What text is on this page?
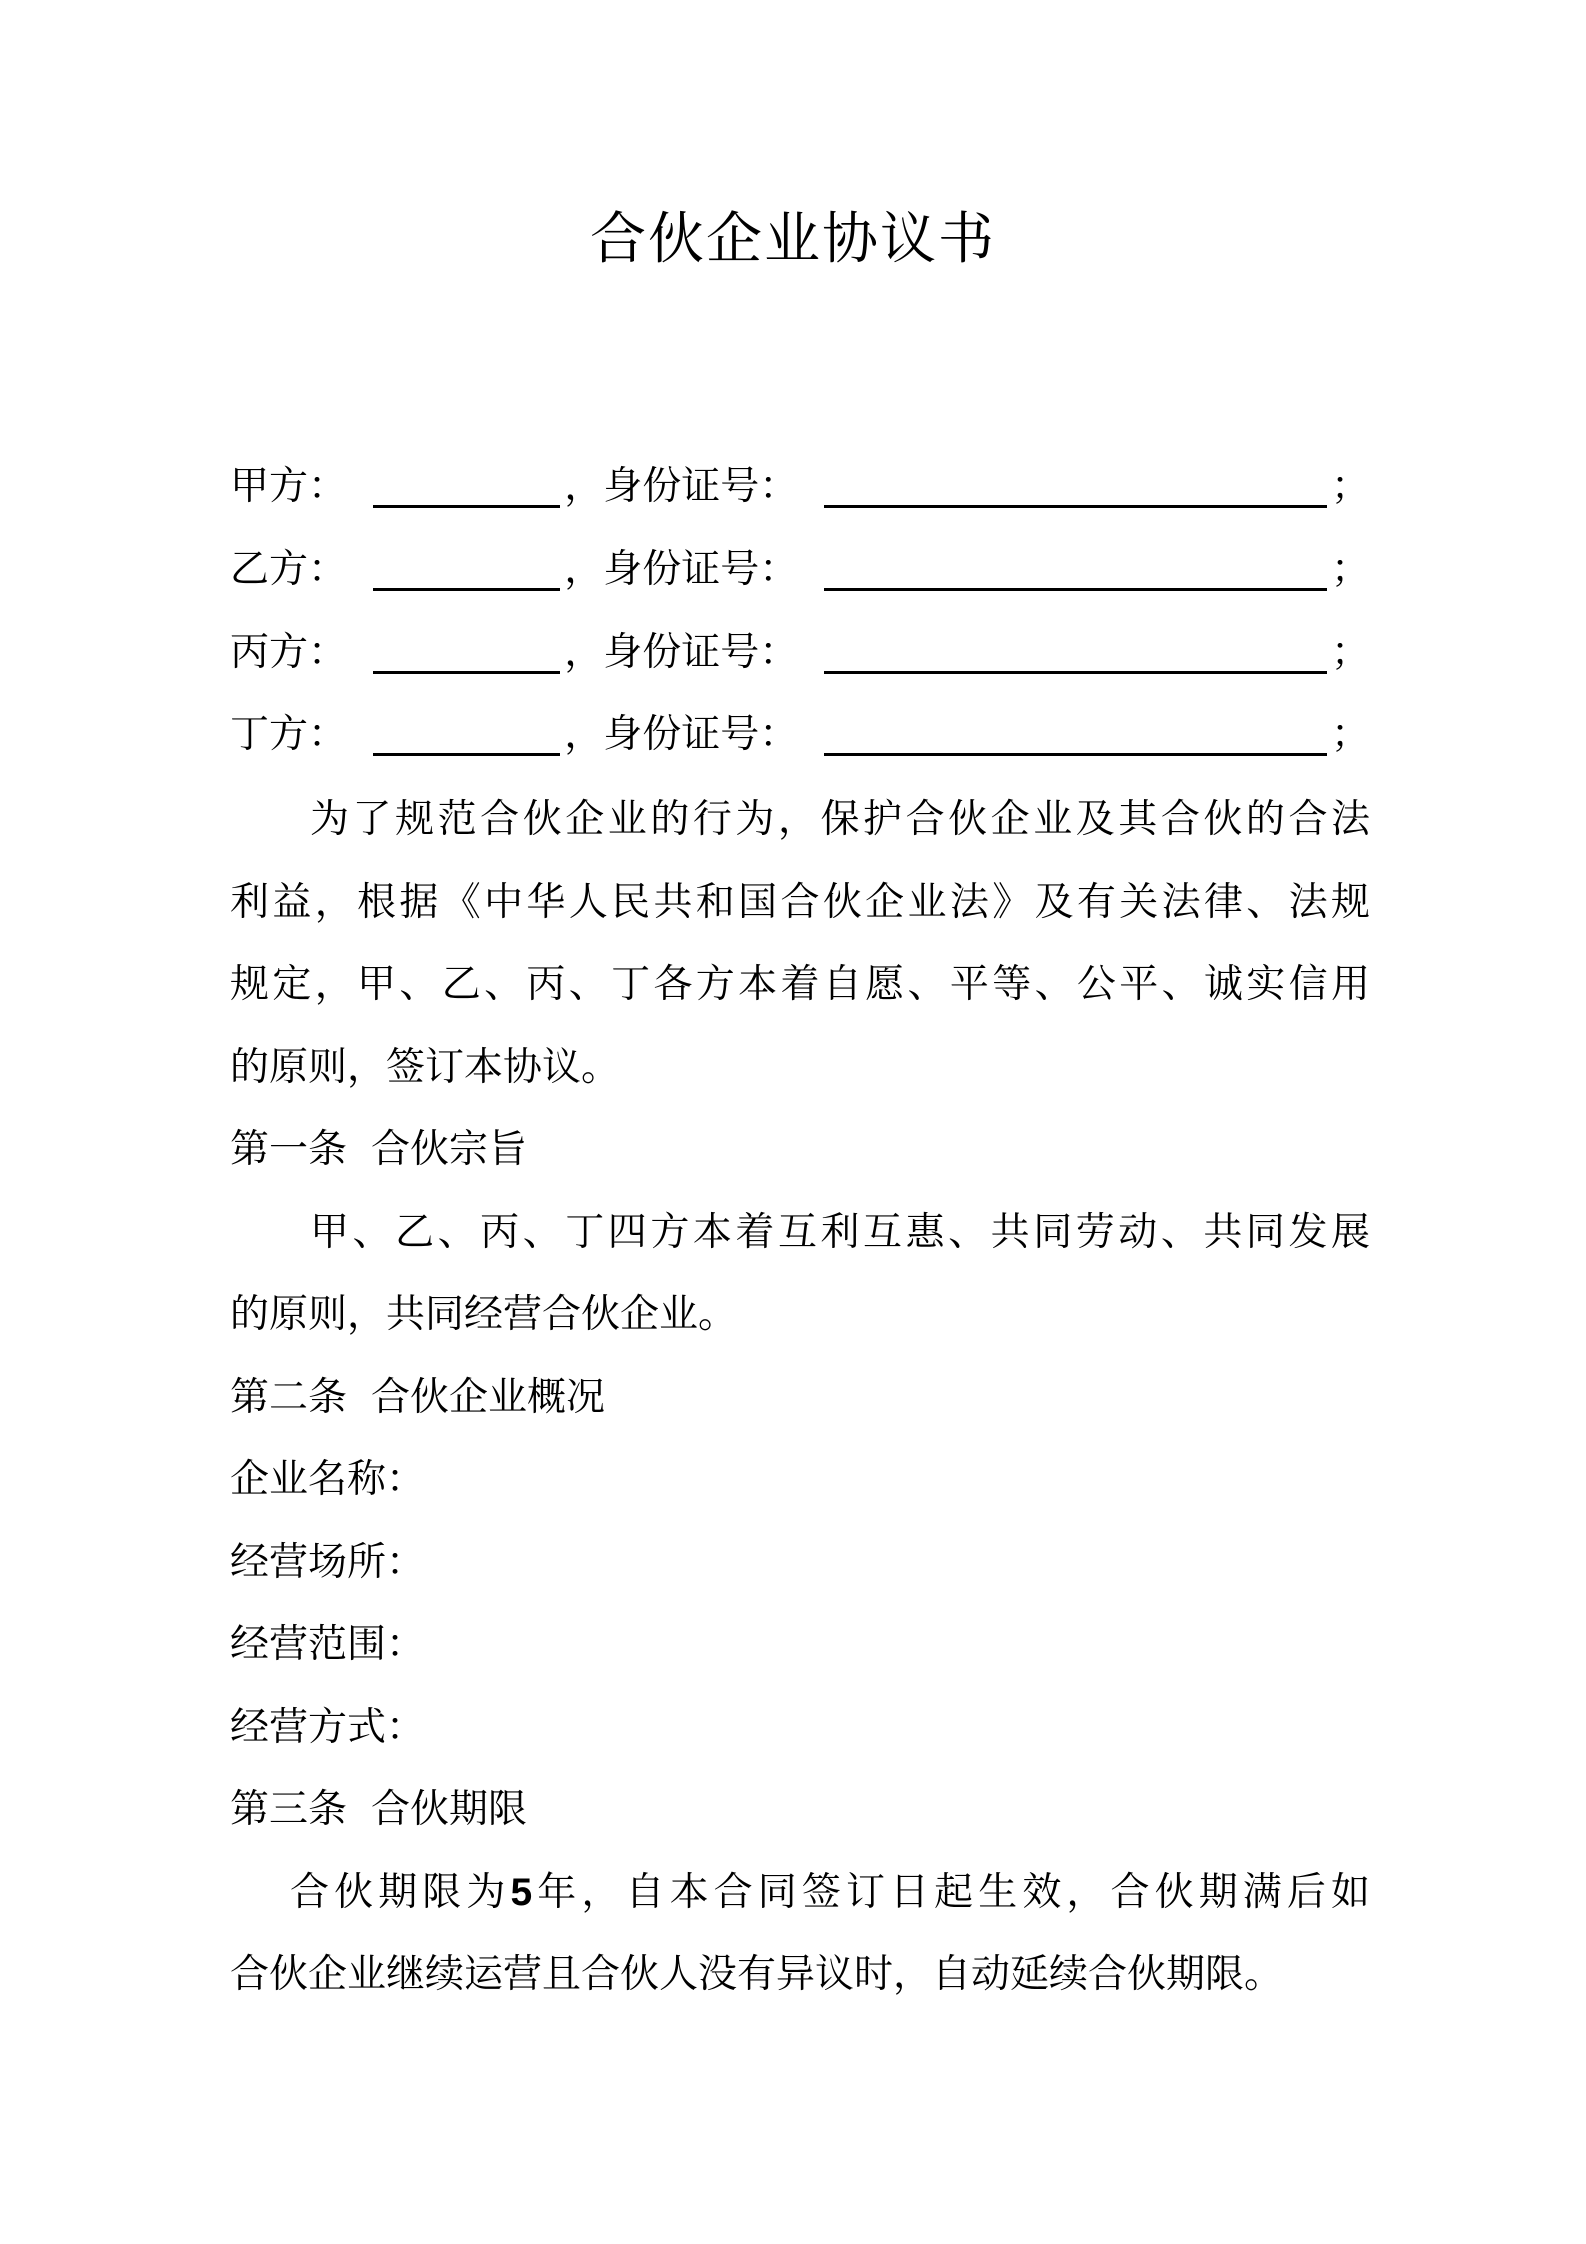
合伙企业协议书
甲方：	， 身份证号：	；
乙方：	， 身份证号：	；
丙方：	， 身份证号：	；
丁方：	， 身份证号：	；
为了规范合伙企业的行为，保护合伙企业及其合伙的合法
利益，根据《中华人民共和国合伙企业法》及有关法律、法规
规定，甲、乙、丙、丁各方本着自愿、平等、公平、诚实信用
的原则，签订本协议。
第一条 合伙宗旨
甲、乙、丙、丁四方本着互利互惠、共同劳动、共同发展
的原则，共同经营合伙企业。
第二条 合伙企业概况
企业名称：
经营场所：
经营范围：
经营方式：
第三条 合伙期限
合伙期限为5年，自本合同签订日起生效，合伙期满后如
合伙企业继续运营且合伙人没有异议时，自动延续合伙期限。
